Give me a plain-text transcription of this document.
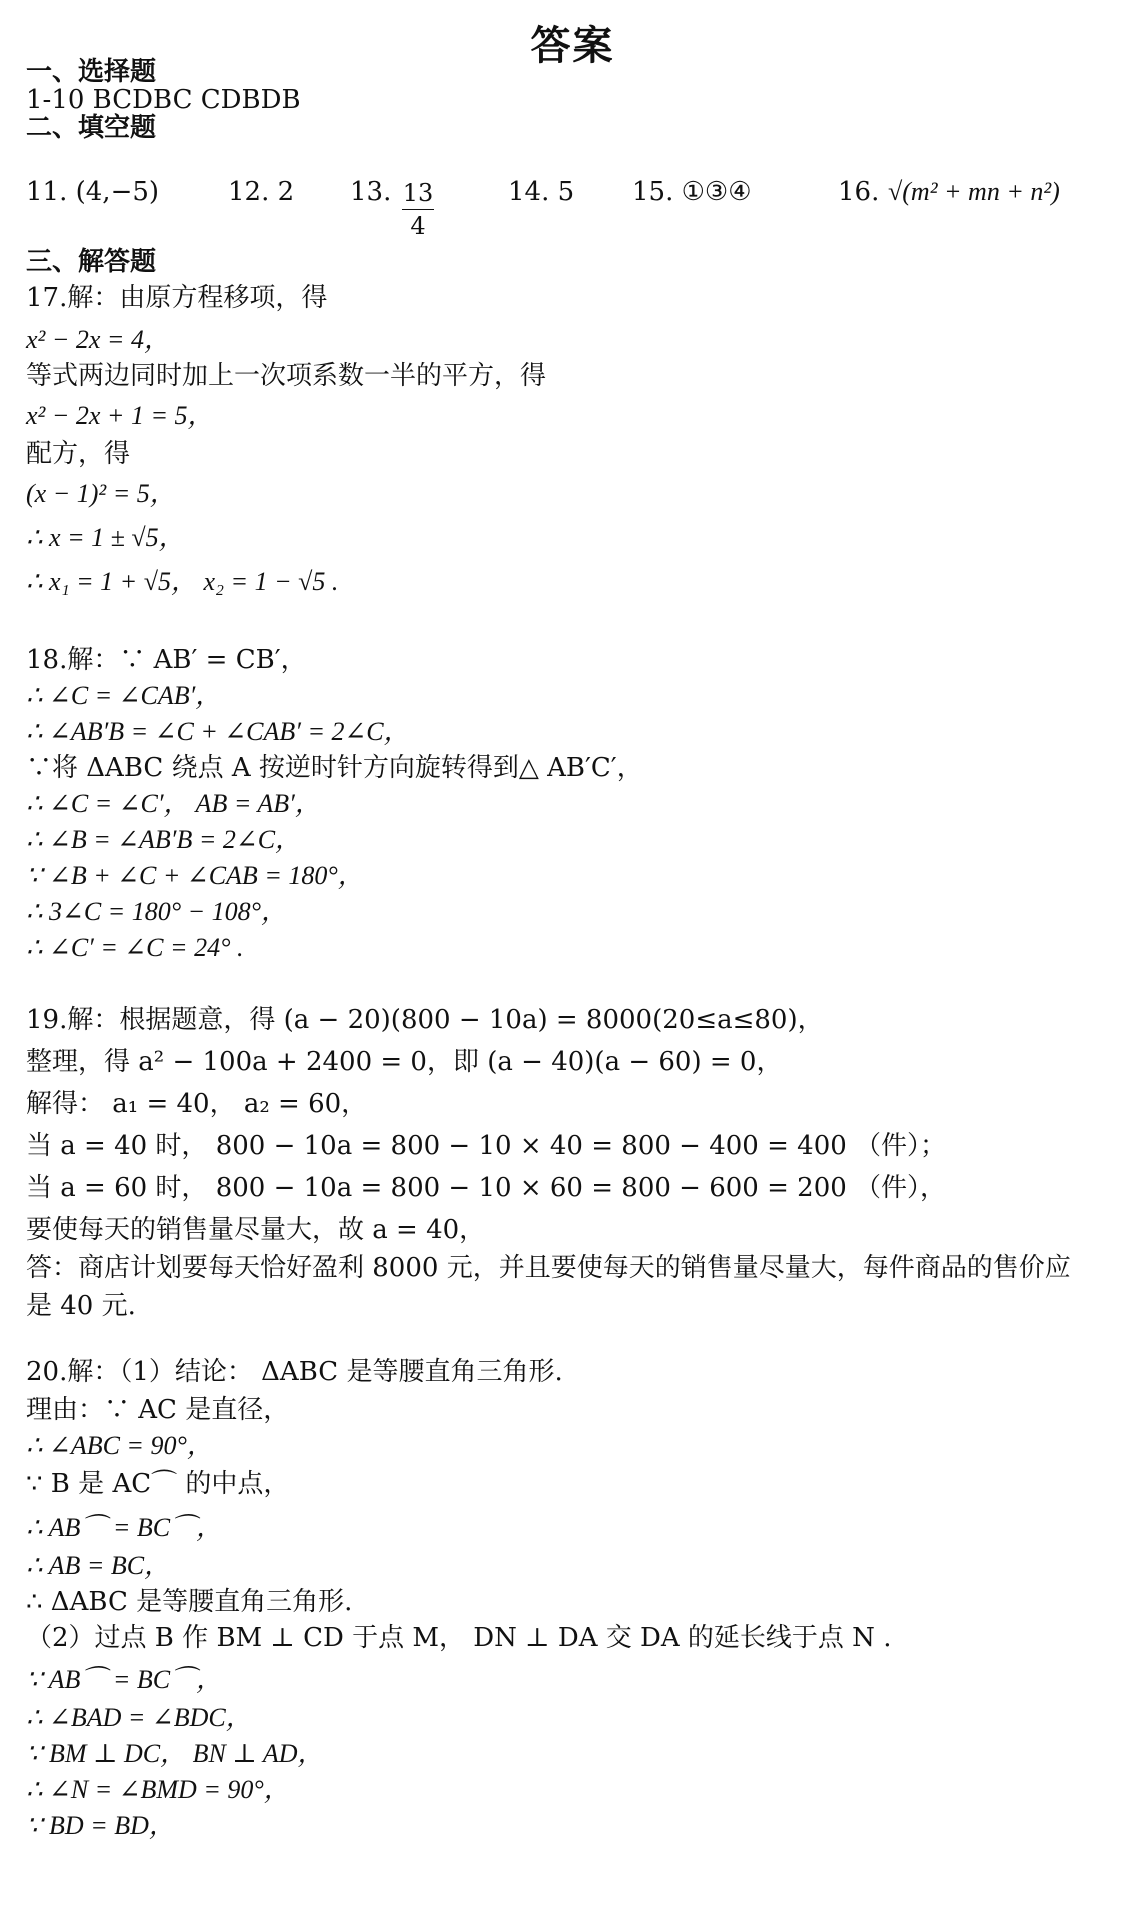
答案
一、选择题
1-10 BCDBC CDBDB
二、填空题
11. (4,−5)	12. 2 13. 13
4
14. 5 15. ①③④	16. √(m² + mn + n²)
三、解答题
17.解：由原方程移项，得
x² − 2x = 4，
等式两边同时加上一次项系数一半的平方，得
x² − 2x + 1 = 5，
配方，得
(x − 1)² = 5，
∴ x = 1 ± √5，
∴ x₁ = 1 + √5， x₂ = 1 − √5 .
18.解：∵ AB′ = CB′，
∴ ∠C = ∠CAB′，
∴ ∠AB′B = ∠C + ∠CAB′ = 2∠C，
∵将 ΔABC 绕点 A 按逆时针方向旋转得到△ AB′C′，
∴ ∠C = ∠C′， AB = AB′，
∴ ∠B = ∠AB′B = 2∠C，
∵ ∠B + ∠C + ∠CAB = 180°，
∴ 3∠C = 180° − 108°，
∴ ∠C′ = ∠C = 24° .
19.解：根据题意，得 (a − 20)(800 − 10a) = 8000(20≤a≤80)，
整理，得 a² − 100a + 2400 = 0，即 (a − 40)(a − 60) = 0，
解得： a₁ = 40， a₂ = 60，
当 a = 40 时， 800 − 10a = 800 − 10 × 40 = 800 − 400 = 400 （件）；
当 a = 60 时， 800 − 10a = 800 − 10 × 60 = 800 − 600 = 200 （件），
要使每天的销售量尽量大，故 a = 40，
答：商店计划要每天恰好盈利 8000 元，并且要使每天的销售量尽量大，每件商品的售价应
是 40 元.
20.解：（1）结论： ΔABC 是等腰直角三角形.
理由：∵ AC 是直径，
∴ ∠ABC = 90°，
∵ B 是 AC⌒ 的中点，
∴ AB⌒ = BC⌒，
∴ AB = BC，
∴ ΔABC 是等腰直角三角形.
（2）过点 B 作 BM ⊥ CD 于点 M， DN ⊥ DA 交 DA 的延长线于点 N .
∵ AB⌒ = BC⌒，
∴ ∠BAD = ∠BDC，
∵ BM ⊥ DC， BN ⊥ AD，
∴ ∠N = ∠BMD = 90°，
∵ BD = BD，
